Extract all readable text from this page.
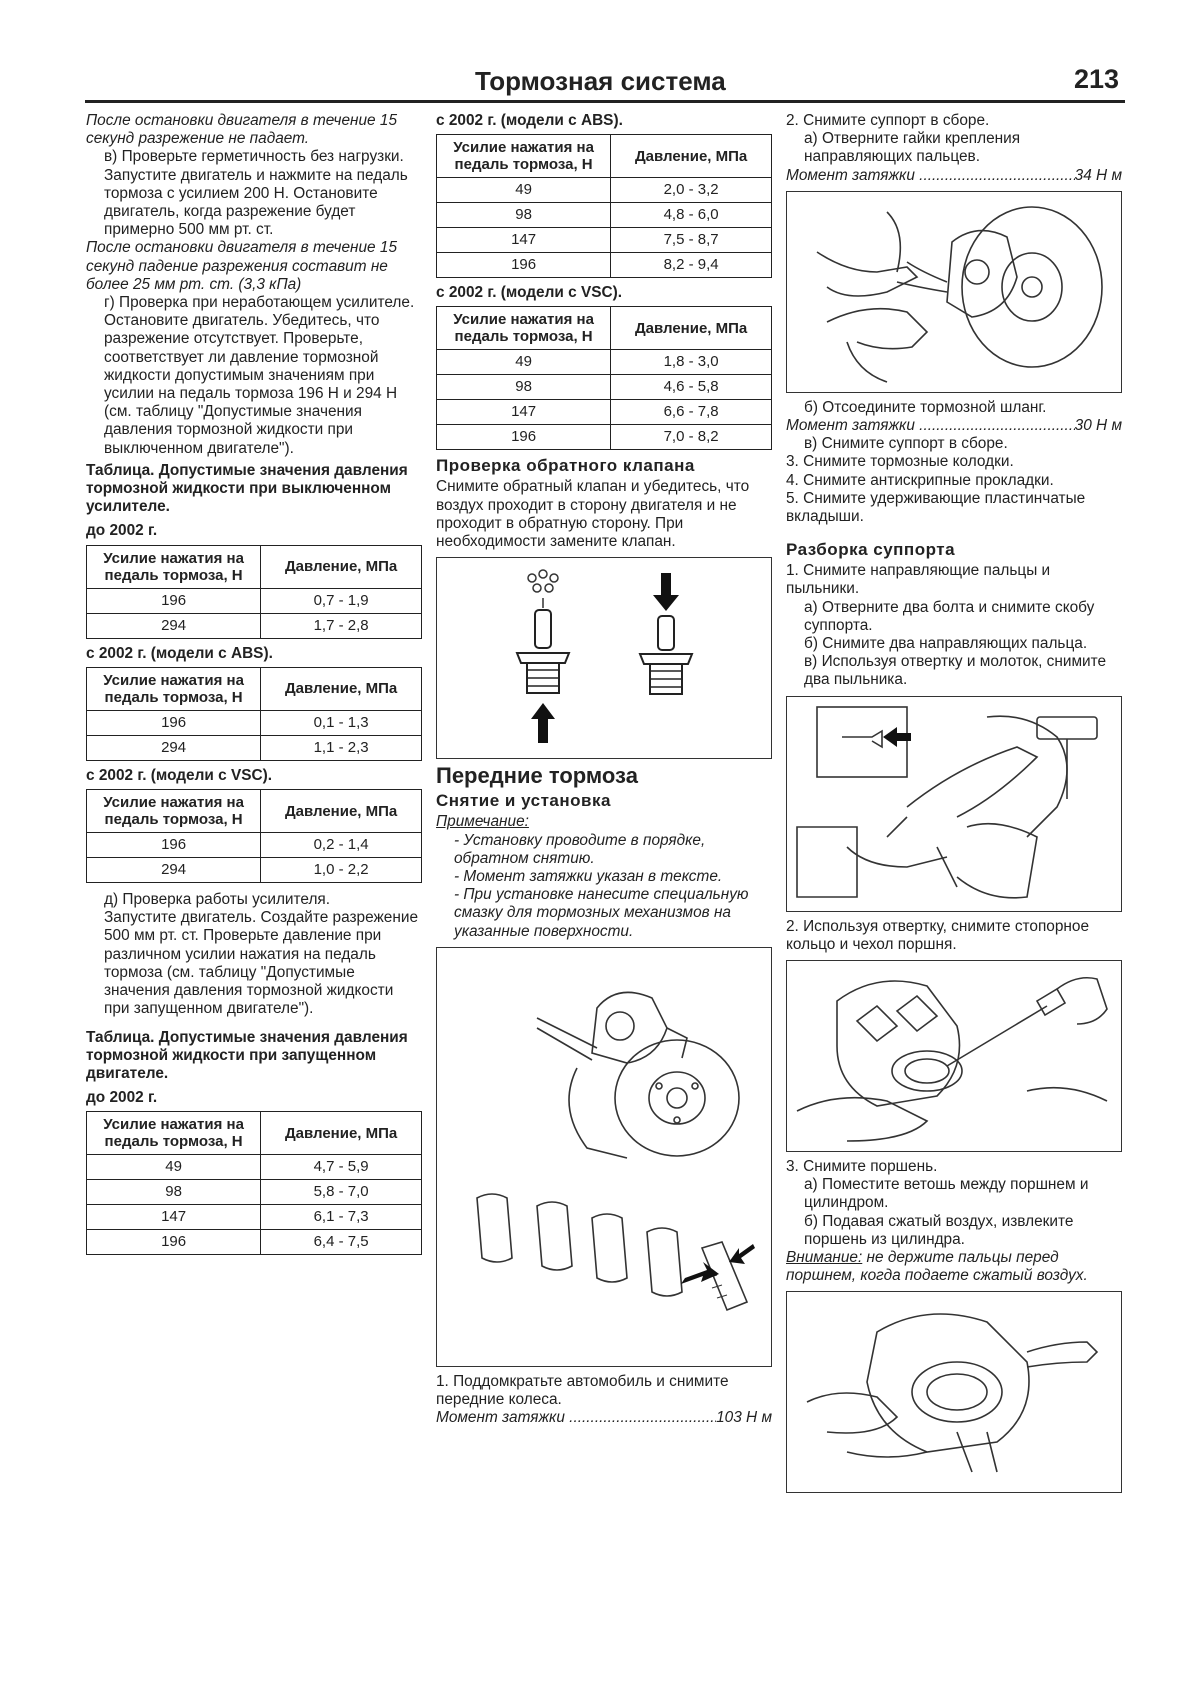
Тормозная система	213

После остановки двигателя в течение 15 секунд разрежение не падает.

в) Проверьте герметичность без нагрузки.

Запустите двигатель и нажмите на педаль тормоза с усилием 200 Н. Остановите двигатель, когда разрежение будет примерно 500 мм рт. ст.

После остановки двигателя в течение 15 секунд падение разрежения составит не более 25 мм рт. ст. (3,3 кПа)

г) Проверка при неработающем усилителе.

Остановите двигатель. Убедитесь, что разрежение отсутствует. Проверьте, соответствует ли давление тормозной жидкости допустимым значениям при усилии на педаль тормоза 196 Н и 294 Н (см. таблицу "Допустимые значения давления тормозной жидкости при выключенном двигателе").

Таблица. Допустимые значения давления тормозной жидкости при выключенном усилителе.

до 2002 г.

Усилие нажатия на педаль тормоза, Н	Давление, МПа
196	0,7 - 1,9
294	1,7 - 2,8

с 2002 г. (модели с ABS).

Усилие нажатия на педаль тормоза, Н	Давление, МПа
196	0,1 - 1,3
294	1,1 - 2,3

с 2002 г. (модели с VSC).

Усилие нажатия на педаль тормоза, Н	Давление, МПа
196	0,2 - 1,4
294	1,0 - 2,2

д) Проверка работы усилителя.

Запустите двигатель. Создайте разрежение 500 мм рт. ст. Проверьте давление при различном усилии нажатия на педаль тормоза (см. таблицу "Допустимые значения давления тормозной жидкости при запущенном двигателе").

Таблица. Допустимые значения давления тормозной жидкости при запущенном двигателе.

до 2002 г.

Усилие нажатия на педаль тормоза, Н	Давление, МПа
49	4,7 - 5,9
98	5,8 - 7,0
147	6,1 - 7,3
196	6,4 - 7,5

с 2002 г. (модели с ABS).

Усилие нажатия на педаль тормоза, Н	Давление, МПа
49	2,0 - 3,2
98	4,8 - 6,0
147	7,5 - 8,7
196	8,2 - 9,4

с 2002 г. (модели с VSC).

Усилие нажатия на педаль тормоза, Н	Давление, МПа
49	1,8 - 3,0
98	4,6 - 5,8
147	6,6 - 7,8
196	7,0 - 8,2

Проверка обратного клапана

Снимите обратный клапан и убедитесь, что воздух проходит в сторону двигателя и не проходит в обратную сторону. При необходимости замените клапан.

Передние тормоза

Снятие и установка

Примечание:

- Установку проводите в порядке, обратном снятию.

- Момент затяжки указан в тексте.

- При установке нанесите специальную смазку для тормозных механизмов на указанные поверхности.

1. Поддомкратьте автомобиль и снимите передние колеса.

Момент затяжки .....	103 Н м

2. Снимите суппорт в сборе.

а) Отверните гайки крепления направляющих пальцев.

Момент затяжки .....	34 Н м

б) Отсоедините тормозной шланг.

Момент затяжки .....	30 Н м

в) Снимите суппорт в сборе.

3. Снимите тормозные колодки.

4. Снимите антискрипные прокладки.

5. Снимите удерживающие пластинчатые вкладыши.

Разборка суппорта

1. Снимите направляющие пальцы и пыльники.

а) Отверните два болта и снимите скобу суппорта.

б) Снимите два направляющих пальца.

в) Используя отвертку и молоток, снимите два пыльника.

2. Используя отвертку, снимите стопорное кольцо и чехол поршня.

3. Снимите поршень.

а) Поместите ветошь между поршнем и цилиндром.

б) Подавая сжатый воздух, извлеките поршень из цилиндра.

Внимание: не держите пальцы перед поршнем, когда подаете сжатый воздух.
